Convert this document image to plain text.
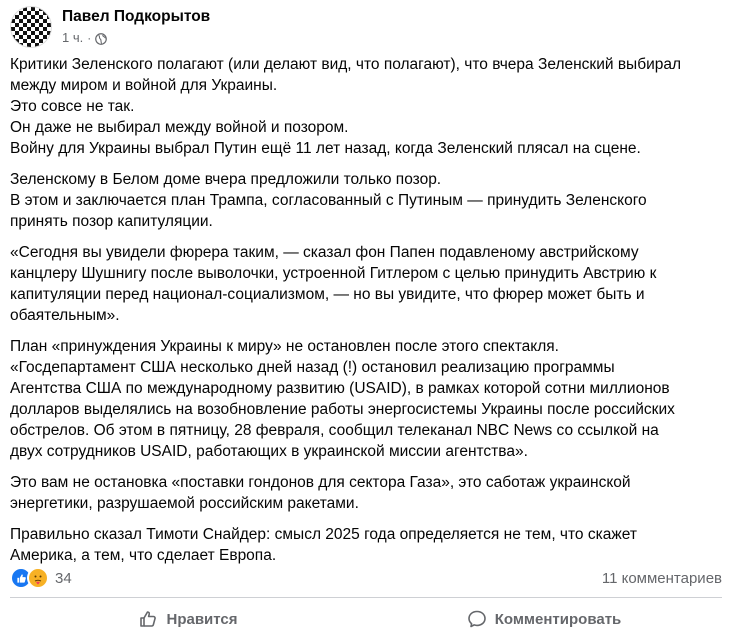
Павел Подкорытов
1 ч. ·
Критики Зеленского полагают (или делают вид, что полагают), что вчера Зеленский выбирал
между миром и войной для Украины.
Это совсе не так.
Он даже не выбирал между войной и позором.
Войну для Украины выбрал Путин ещё 11 лет назад, когда Зеленский плясал на сцене.
Зеленскому в Белом доме вчера предложили только позор.
В этом и заключается план Трампа, согласованный с Путиным — принудить Зеленского
принять позор капитуляции.
«Сегодня вы увидели фюрера таким, — сказал фон Папен подавленому австрийскому
канцлеру Шушнигу после выволочки, устроенной Гитлером с целью принудить Австрию к
капитуляции перед национал-социализмом, — но вы увидите, что фюрер может быть и
обаятельным».
План «принуждения Украины к миру» не остановлен после этого спектакля.
«Госдепартамент США несколько дней назад (!) остановил реализацию программы
Агентства США по международному развитию (USAID), в рамках которой сотни миллионов
долларов выделялись на возобновление работы энергосистемы Украины после российских
обстрелов. Об этом в пятницу, 28 февраля, сообщил телеканал NBC News со ссылкой на
двух сотрудников USAID, работающих в украинской миссии агентства».
Это вам не остановка «поставки гондонов для сектора Газа», это саботаж украинской
энергетики, разрушаемой российским ракетами.
Правильно сказал Тимоти Снайдер: смысл 2025 года определяется не тем, что скажет
Америка, а тем, что сделает Европа.
34	11 комментариев
Нравится	Комментировать
